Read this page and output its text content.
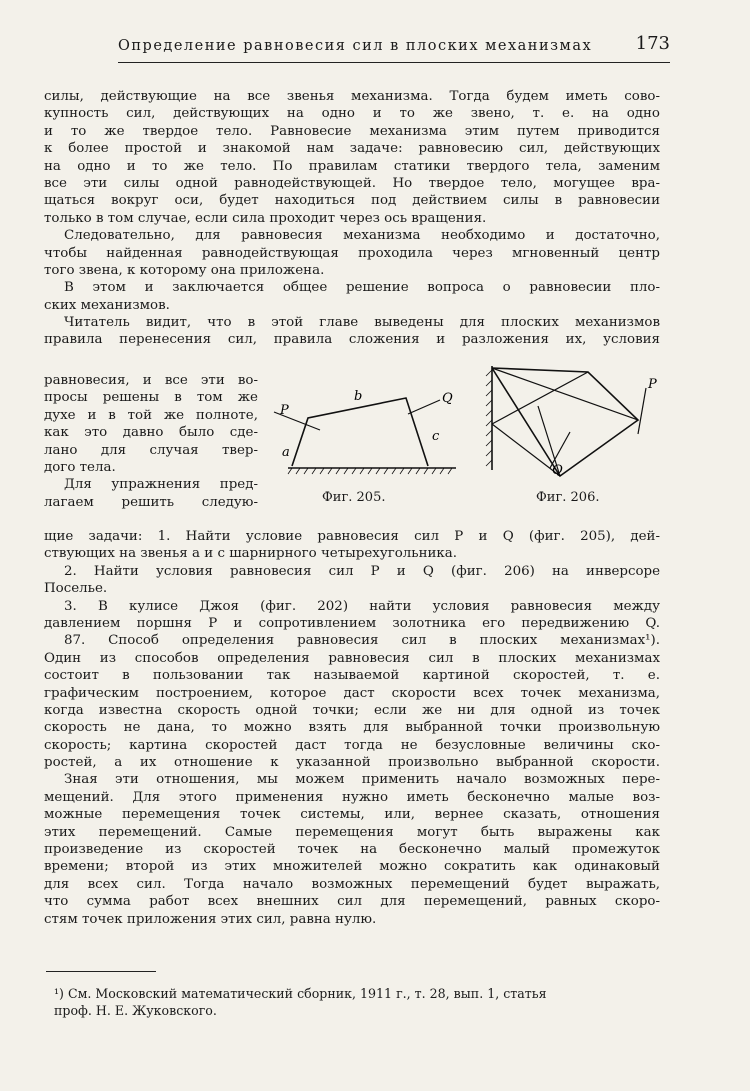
Определение равновесия сил в плоских механизмах 173
силы, действующие на все звенья механизма. Тогда будем иметь сово-
купность сил, действующих на одно и то же звено, т. е. на одно
и то же твердое тело. Равновесие механизма этим путем приводится
к более простой и знакомой нам задаче: равновесию сил, действующих
на одно и то же тело. По правилам статики твердого тела, заменим
все эти силы одной равнодействующей. Но твердое тело, могущее вра-
щаться вокруг оси, будет находиться под действием силы в равновесии
только в том случае, если сила проходит через ось вращения.
Следовательно, для равновесия механизма необходимо и достаточно,
чтобы найденная равнодействующая проходила через мгновенный центр
того звена, к которому она приложена.
В этом и заключается общее решение вопроса о равновесии пло-
ских механизмов.
Читатель видит, что в этой главе выведены для плоских механизмов
правила перенесения сил, правила сложения и разложения их, условия
равновесия, и все эти во-
просы решены в том же
духе и в той же полноте,
как это давно было сде-
лано для случая твер-
дого тела.
Для упражнения пред-
лагаем решить следую-
P
Q
b
a
c
Фиг. 205.
P
Q
Фиг. 206.
щие задачи: 1. Найти условие равновесия сил P и Q (фиг. 205), дей-
ствующих на звенья a и c шарнирного четырехугольника.
2. Найти условия равновесия сил P и Q (фиг. 206) на инверсоре
Поселье.
3. В кулисе Джоя (фиг. 202) найти условия равновесия между
давлением поршня P и сопротивлением золотника его передвижению Q.
87. Способ определения равновесия сил в плоских механизмах¹).
Один из способов определения равновесия сил в плоских механизмах
состоит в пользовании так называемой картиной скоростей, т. е.
графическим построением, которое даст скорости всех точек механизма,
когда известна скорость одной точки; если же ни для одной из точек
скорость не дана, то можно взять для выбранной точки произвольную
скорость; картина скоростей даст тогда не безусловные величины ско-
ростей, а их отношение к указанной произвольно выбранной скорости.
Зная эти отношения, мы можем применить начало возможных пере-
мещений. Для этого применения нужно иметь бесконечно малые воз-
можные перемещения точек системы, или, вернее сказать, отношения
этих перемещений. Самые перемещения могут быть выражены как
произведение из скоростей точек на бесконечно малый промежуток
времени; второй из этих множителей можно сократить как одинаковый
для всех сил. Тогда начало возможных перемещений будет выражать,
что сумма работ всех внешних сил для перемещений, равных скоро-
стям точек приложения этих сил, равна нулю.
¹) См. Московский математический сборник, 1911 г., т. 28, вып. 1, статья
проф. Н. Е. Жуковского.
